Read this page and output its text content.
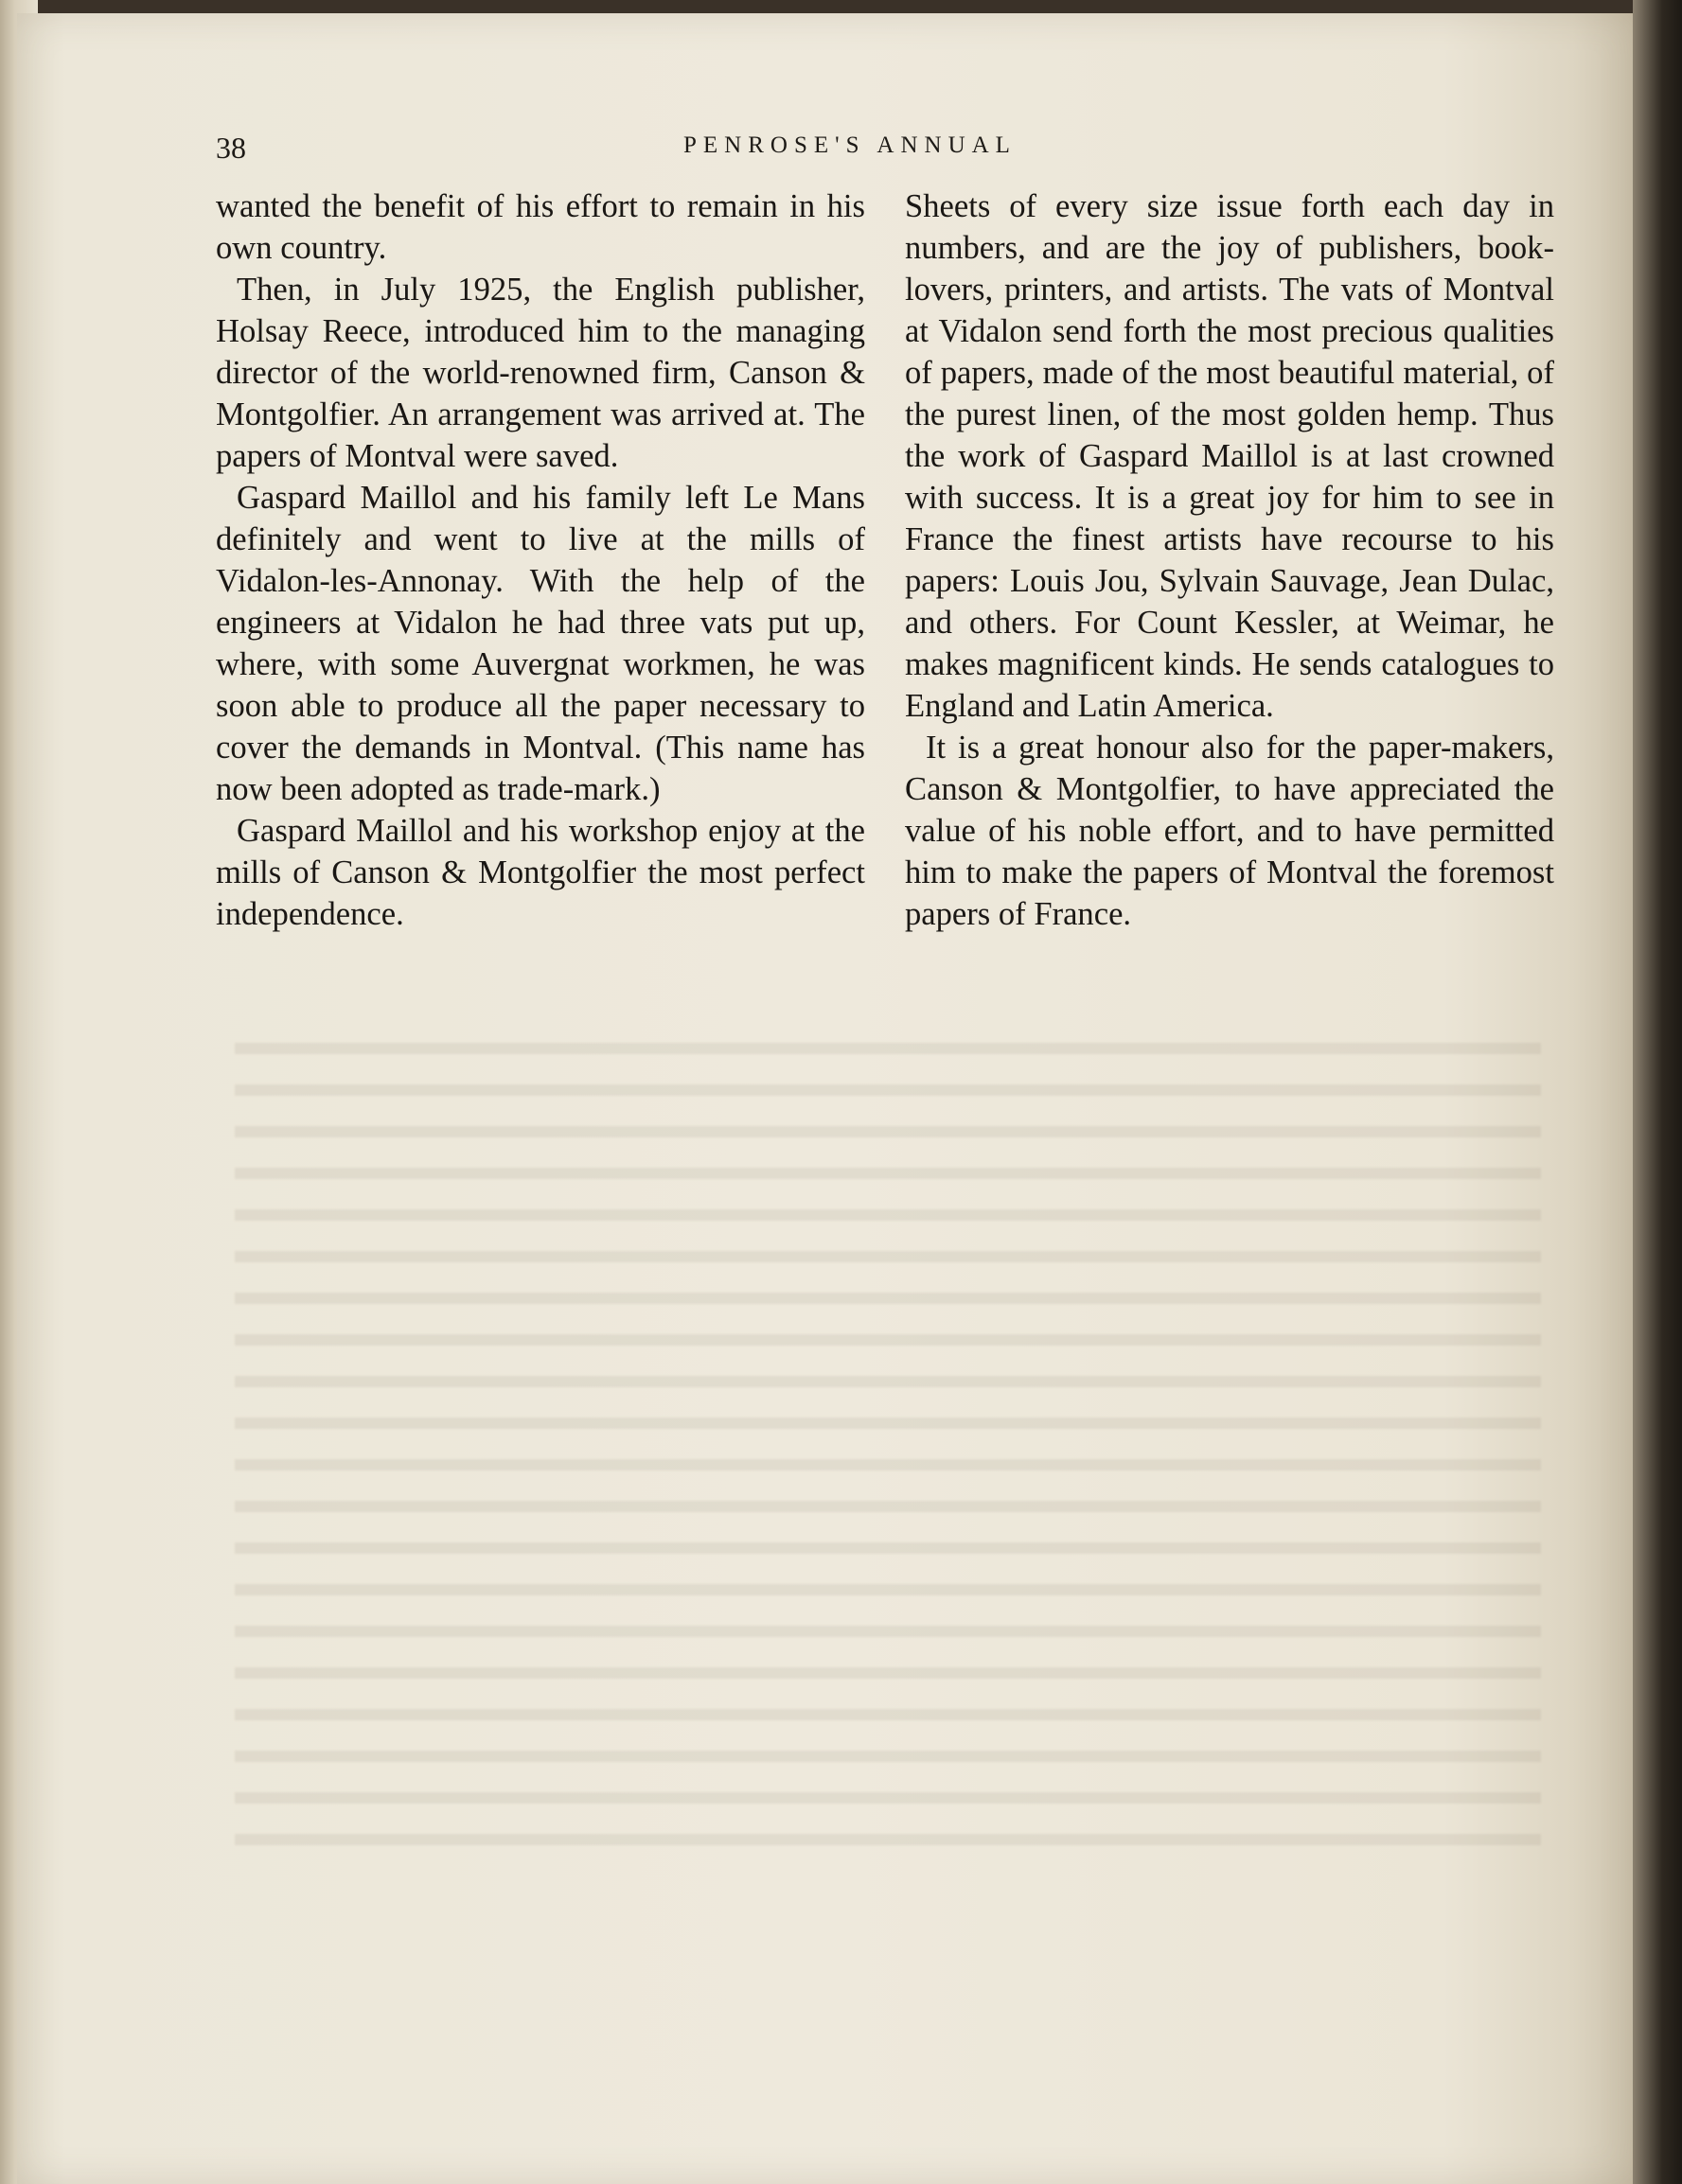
38	PENROSE'S ANNUAL

wanted the benefit of his effort to remain in his own country.

Then, in July 1925, the English publisher, Holsay Reece, introduced him to the managing director of the world-renowned firm, Canson & Montgolfier. An arrangement was arrived at. The papers of Montval were saved.

Gaspard Maillol and his family left Le Mans definitely and went to live at the mills of Vidalon-les-Annonay. With the help of the engineers at Vidalon he had three vats put up, where, with some Auvergnat workmen, he was soon able to produce all the paper necessary to cover the demands in Montval. (This name has now been adopted as trade-mark.)

Gaspard Maillol and his workshop enjoy at the mills of Canson & Montgolfier the most perfect independence.

Sheets of every size issue forth each day in numbers, and are the joy of publishers, book-lovers, printers, and artists. The vats of Montval at Vidalon send forth the most precious qualities of papers, made of the most beautiful material, of the purest linen, of the most golden hemp. Thus the work of Gaspard Maillol is at last crowned with success. It is a great joy for him to see in France the finest artists have recourse to his papers: Louis Jou, Sylvain Sauvage, Jean Dulac, and others. For Count Kessler, at Weimar, he makes magnificent kinds. He sends catalogues to England and Latin America.

It is a great honour also for the paper-makers, Canson & Montgolfier, to have appreciated the value of his noble effort, and to have permitted him to make the papers of Montval the foremost papers of France.
